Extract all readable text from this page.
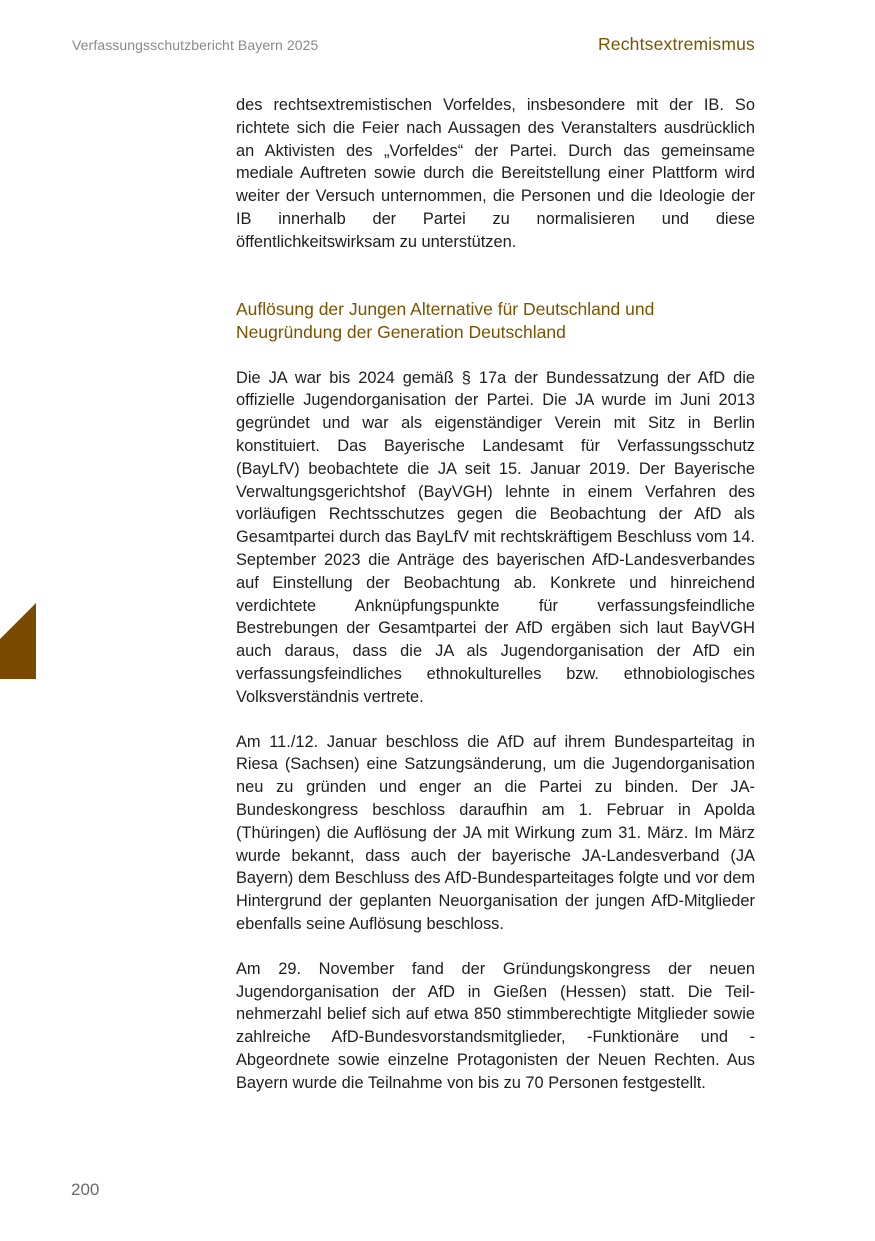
Verfassungsschutzbericht Bayern 2025	Rechtsextremismus

des rechtsextremistischen Vorfeldes, insbesondere mit der IB. So richtete sich die Feier nach Aussagen des Veranstalters ausdrücklich an Aktivisten des „Vorfeldes“ der Partei. Durch das gemeinsame mediale Auftreten sowie durch die Bereitstellung einer Plattform wird weiter der Versuch unternommen, die Personen und die Ideologie der IB innerhalb der Partei zu normalisieren und diese öffentlichkeitswirksam zu unterstützen.

Auflösung der Jungen Alternative für Deutschland und
Neugründung der Generation Deutschland

Die JA war bis 2024 gemäß § 17a der Bundessatzung der AfD die offizielle Jugendorganisation der Partei. Die JA wurde im Juni 2013 gegründet und war als eigenständiger Verein mit Sitz in Berlin konstituiert. Das Bayerische Landesamt für Verfassungsschutz (BayLfV) beobachtete die JA seit 15. Januar 2019. Der Bayerische Verwaltungsgerichtshof (BayVGH) lehnte in einem Verfahren des vorläufigen Rechtsschutzes gegen die Beobachtung der AfD als Gesamtpartei durch das BayLfV mit rechtskräftigem Beschluss vom 14. September 2023 die Anträge des bayerischen AfD-Landesverbandes auf Einstellung der Beobachtung ab. Konkrete und hinreichend verdichtete Anknüpfungspunkte für verfassungsfeindliche Bestrebungen der Gesamtpartei der AfD ergäben sich laut BayVGH auch daraus, dass die JA als Jugendorganisation der AfD ein verfassungsfeindliches ethnokulturelles bzw. ethnobiologisches Volksverständnis vertrete.

Am 11./12. Januar beschloss die AfD auf ihrem Bundesparteitag in Riesa (Sachsen) eine Satzungsänderung, um die Jugendorganisation neu zu gründen und enger an die Partei zu binden. Der JA-Bundeskongress beschloss daraufhin am 1. Februar in Apolda (Thüringen) die Auflösung der JA mit Wirkung zum 31. März. Im März wurde bekannt, dass auch der bayerische JA-Landesverband (JA Bayern) dem Beschluss des AfD-Bundesparteitages folgte und vor dem Hintergrund der geplanten Neuorganisation der jungen AfD-Mitglieder ebenfalls seine Auflösung beschloss.

Am 29. November fand der Gründungskongress der neuen Jugendorganisation der AfD in Gießen (Hessen) statt. Die Teilnehmerzahl belief sich auf etwa 850 stimmberechtigte Mitglieder sowie zahlreiche AfD-Bundesvorstandsmitglieder, -Funktionäre und -Abgeordnete sowie einzelne Protagonisten der Neuen Rechten. Aus Bayern wurde die Teilnahme von bis zu 70 Personen festgestellt.

200
